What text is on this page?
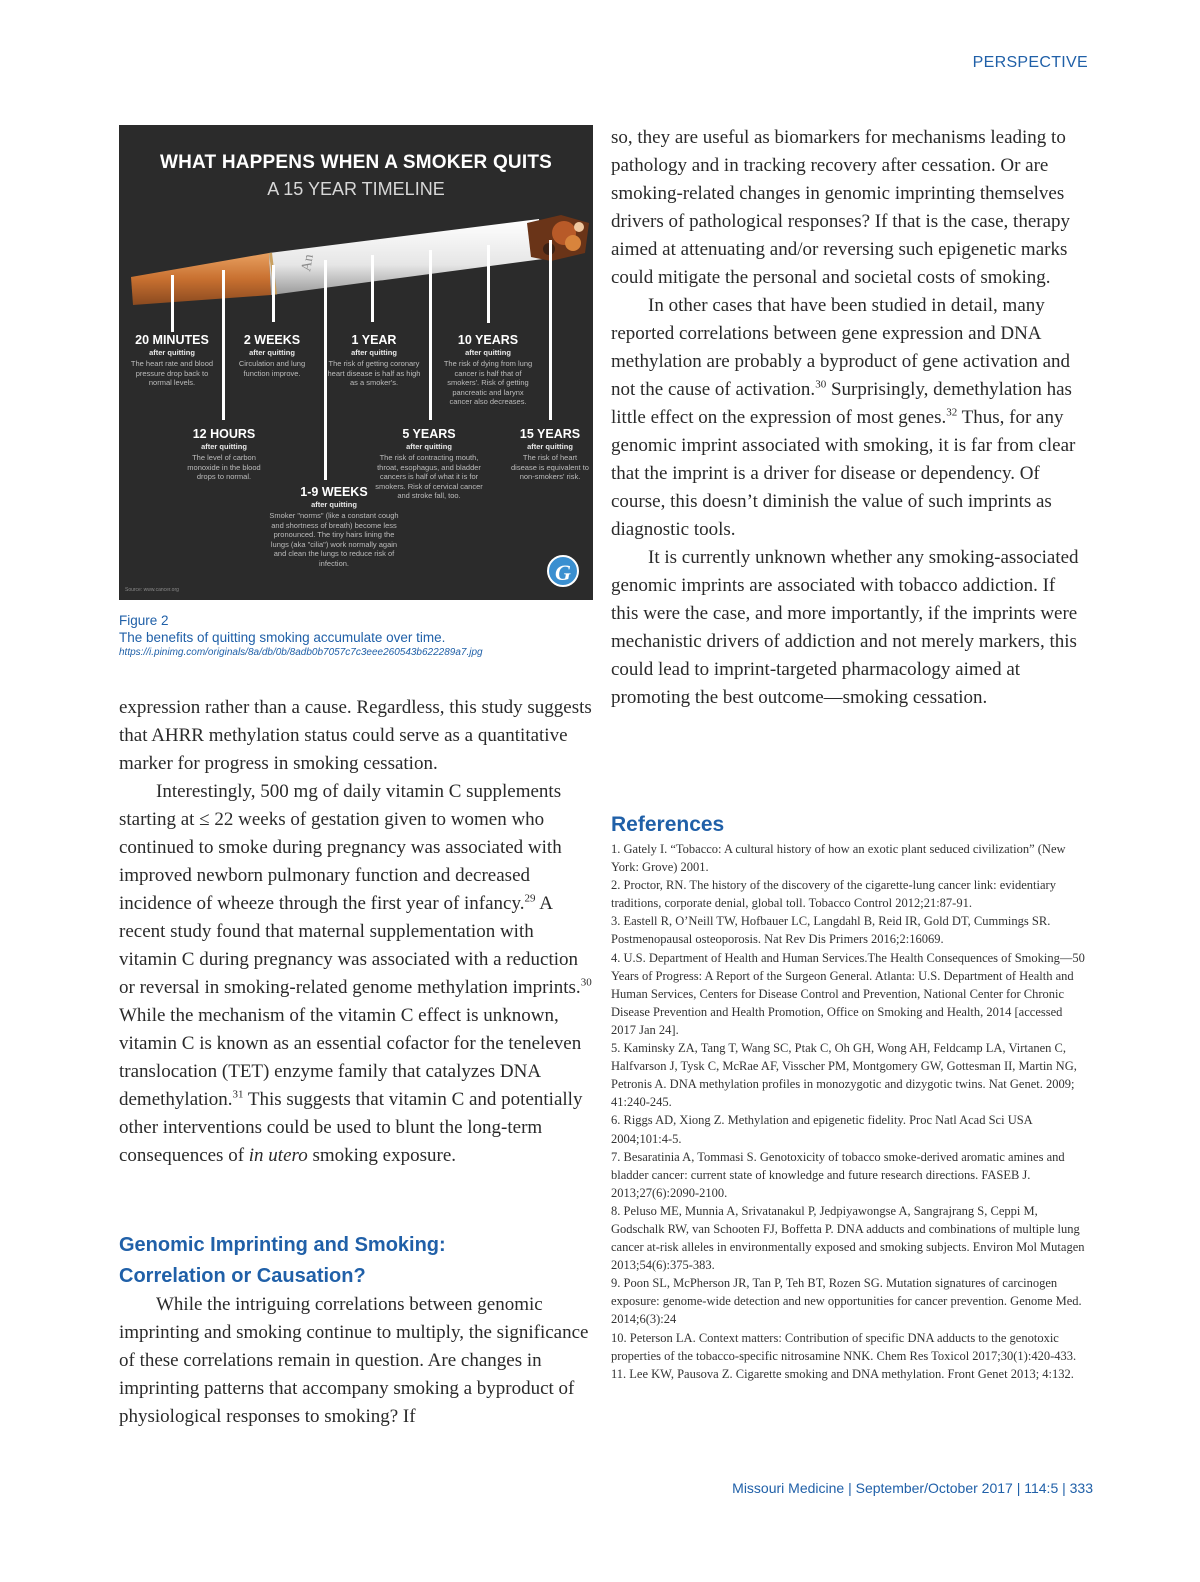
PERSPECTIVE
WHAT HAPPENS WHEN A SMOKER QUITS
A 15 YEAR TIMELINE
An
20 MINUTES
after quitting
The heart rate and blood pressure drop back to normal levels.
2 WEEKS
after quitting
Circulation and lung function improve.
1 YEAR
after quitting
The risk of getting coronary heart disease is half as high as a smoker's.
10 YEARS
after quitting
The risk of dying from lung cancer is half that of smokers'. Risk of getting pancreatic and larynx cancer also decreases.
12 HOURS
after quitting
The level of carbon monoxide in the blood drops to normal.
5 YEARS
after quitting
The risk of contracting mouth, throat, esophagus, and bladder cancers is half of what it is for smokers. Risk of cervical cancer and stroke fall, too.
15 YEARS
after quitting
The risk of heart disease is equivalent to non-smokers' risk.
1-9 WEEKS
after quitting
Smoker "norms" (like a constant cough and shortness of breath) become less pronounced. The tiny hairs lining the lungs (aka "cilia") work normally again and clean the lungs to reduce risk of infection.	G
Source: www.cancer.org
Figure 2
The benefits of quitting smoking accumulate over time.
https://i.pinimg.com/originals/8a/db/0b/8adb0b7057c7c3eee260543b622289a7.jpg

expression rather than a cause. Regardless, this study suggests that AHRR methylation status could serve as a quantitative marker for progress in smoking cessation.

Interestingly, 500 mg of daily vitamin C supplements starting at ≤ 22 weeks of gestation given to women who continued to smoke during pregnancy was associated with improved newborn pulmonary function and decreased incidence of wheeze through the first year of infancy.$^{29}$ A recent study found that maternal supplementation with vitamin C during pregnancy was associated with a reduction or reversal in smoking-related genome methylation imprints.$^{30}$ While the mechanism of the vitamin C effect is unknown, vitamin C is known as an essential cofactor for the teneleven translocation (TET) enzyme family that catalyzes DNA demethylation.$^{31}$ This suggests that vitamin C and potentially other interventions could be used to blunt the long-term consequences of in utero smoking exposure.

Genomic Imprinting and Smoking:
Correlation or Causation?

While the intriguing correlations between genomic imprinting and smoking continue to multiply, the significance of these correlations remain in question. Are changes in imprinting patterns that accompany smoking a byproduct of physiological responses to smoking? If

so, they are useful as biomarkers for mechanisms leading to pathology and in tracking recovery after cessation. Or are smoking-related changes in genomic imprinting themselves drivers of pathological responses? If that is the case, therapy aimed at attenuating and/or reversing such epigenetic marks could mitigate the personal and societal costs of smoking.

In other cases that have been studied in detail, many reported correlations between gene expression and DNA methylation are probably a byproduct of gene activation and not the cause of activation.$^{30}$ Surprisingly, demethylation has little effect on the expression of most genes.$^{32}$ Thus, for any genomic imprint associated with smoking, it is far from clear that the imprint is a driver for disease or dependency. Of course, this doesn’t diminish the value of such imprints as diagnostic tools.

It is currently unknown whether any smoking-associated genomic imprints are associated with tobacco addiction. If this were the case, and more importantly, if the imprints were mechanistic drivers of addiction and not merely markers, this could lead to imprint-targeted pharmacology aimed at promoting the best outcome—smoking cessation.

References
1. Gately I. “Tobacco: A cultural history of how an exotic plant seduced civilization” (New York: Grove) 2001.
2. Proctor, RN. The history of the discovery of the cigarette-lung cancer link: evidentiary traditions, corporate denial, global toll. Tobacco Control 2012;21:87-91.
3. Eastell R, O’Neill TW, Hofbauer LC, Langdahl B, Reid IR, Gold DT, Cummings SR. Postmenopausal osteoporosis. Nat Rev Dis Primers 2016;2:16069.
4. U.S. Department of Health and Human Services.The Health Consequences of Smoking—50 Years of Progress: A Report of the Surgeon General. Atlanta: U.S. Department of Health and Human Services, Centers for Disease Control and Prevention, National Center for Chronic Disease Prevention and Health Promotion, Office on Smoking and Health, 2014 [accessed 2017 Jan 24].
5. Kaminsky ZA, Tang T, Wang SC, Ptak C, Oh GH, Wong AH, Feldcamp LA, Virtanen C, Halfvarson J, Tysk C, McRae AF, Visscher PM, Montgomery GW, Gottesman II, Martin NG, Petronis A. DNA methylation profiles in monozygotic and dizygotic twins. Nat Genet. 2009; 41:240-245.
6. Riggs AD, Xiong Z. Methylation and epigenetic fidelity. Proc Natl Acad Sci USA 2004;101:4-5.
7. Besaratinia A, Tommasi S. Genotoxicity of tobacco smoke-derived aromatic amines and bladder cancer: current state of knowledge and future research directions. FASEB J. 2013;27(6):2090-2100.
8. Peluso ME, Munnia A, Srivatanakul P, Jedpiyawongse A, Sangrajrang S, Ceppi M, Godschalk RW, van Schooten FJ, Boffetta P. DNA adducts and combinations of multiple lung cancer at-risk alleles in environmentally exposed and smoking subjects. Environ Mol Mutagen 2013;54(6):375-383.
9. Poon SL, McPherson JR, Tan P, Teh BT, Rozen SG. Mutation signatures of carcinogen exposure: genome-wide detection and new opportunities for cancer prevention. Genome Med. 2014;6(3):24
10. Peterson LA. Context matters: Contribution of specific DNA adducts to the genotoxic properties of the tobacco-specific nitrosamine NNK. Chem Res Toxicol 2017;30(1):420-433.
11. Lee KW, Pausova Z. Cigarette smoking and DNA methylation. Front Genet 2013; 4:132.
Missouri Medicine | September/October 2017 | 114:5 | 333
